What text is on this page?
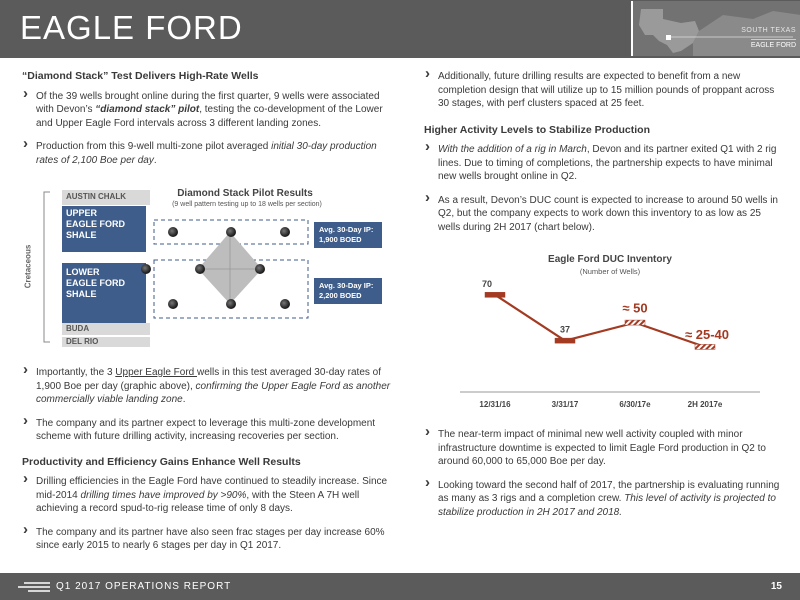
EAGLE FORD	SOUTH TEXAS
EAGLE FORD
“Diamond Stack” Test Delivers High-Rate Wells
› Of the 39 wells brought online during the first quarter, 9 wells were associated with Devon’s “diamond stack” pilot, testing the co-development of the Lower and Upper Eagle Ford intervals across 3 different landing zones.
› Production from this 9-well multi-zone pilot averaged initial 30-day production rates of 2,100 Boe per day.
Cretaceous
AUSTIN CHALK
UPPER EAGLE FORD SHALE
LOWER EAGLE FORD SHALE
BUDA
DEL RIO
Diamond Stack Pilot Results
(9 well pattern testing up to 18 wells per section)
Avg. 30-Day IP:
1,900 BOED
Avg. 30-Day IP:
2,200 BOED
› Importantly, the 3 Upper Eagle Ford wells in this test averaged 30-day rates of 1,900 Boe per day (graphic above), confirming the Upper Eagle Ford as another commercially viable landing zone.
› The company and its partner expect to leverage this multi-zone development scheme with future drilling activity, increasing recoveries per section.
Productivity and Efficiency Gains Enhance Well Results
› Drilling efficiencies in the Eagle Ford have continued to steadily increase. Since mid-2014 drilling times have improved by >90%, with the Steen A 7H well achieving a record spud-to-rig release time of only 8 days.
› The company and its partner have also seen frac stages per day increase 60% since early 2015 to nearly 6 stages per day in Q1 2017.
› Additionally, future drilling results are expected to benefit from a new completion design that will utilize up to 15 million pounds of proppant across 30 stages, with perf clusters spaced at 25 feet.
Higher Activity Levels to Stabilize Production
› With the addition of a rig in March, Devon and its partner exited Q1 with 2 rig lines. Due to timing of completions, the partnership expects to have minimal new wells brought online in Q2.
› As a result, Devon’s DUC count is expected to increase to around 50 wells in Q2, but the company expects to work down this inventory to as low as 25 wells during 2H 2017 (chart below).
Eagle Ford DUC Inventory
(Number of Wells)
70
12/31/16
37
3/31/17
≈ 50
6/30/17e
≈ 25-40
2H 2017e
› The near-term impact of minimal new well activity coupled with minor infrastructure downtime is expected to limit Eagle Ford production in Q2 to around 60,000 to 65,000 Boe per day.
› Looking toward the second half of 2017, the partnership is evaluating running as many as 3 rigs and a completion crew. This level of activity is projected to stabilize production in 2H 2017 and 2018.
Q1 2017 OPERATIONS REPORT	15
